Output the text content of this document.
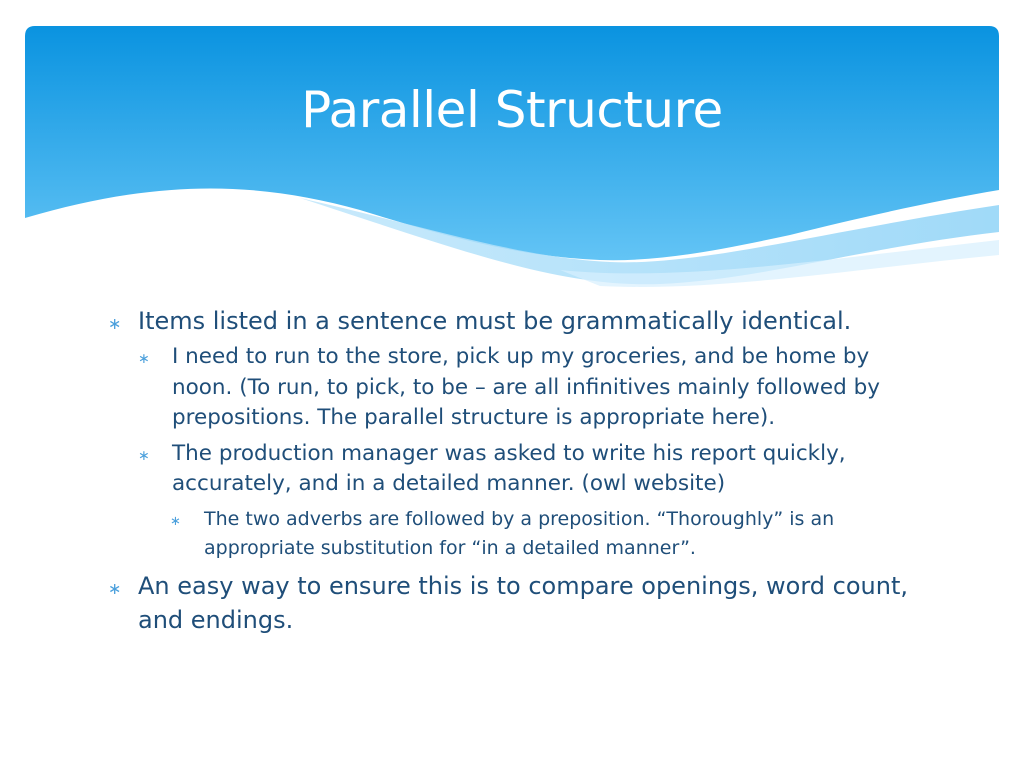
Parallel Structure
∗ Items listed in a sentence must be grammatically identical.
∗ I need to run to the store, pick up my groceries, and be home by noon. (To run, to pick, to be – are all infinitives mainly followed by prepositions. The parallel structure is appropriate here).
∗ The production manager was asked to write his report quickly, accurately, and in a detailed manner. (owl website)
∗ The two adverbs are followed by a preposition. “Thoroughly” is an appropriate substitution for “in a detailed manner”.
∗ An easy way to ensure this is to compare openings, word count, and endings.
